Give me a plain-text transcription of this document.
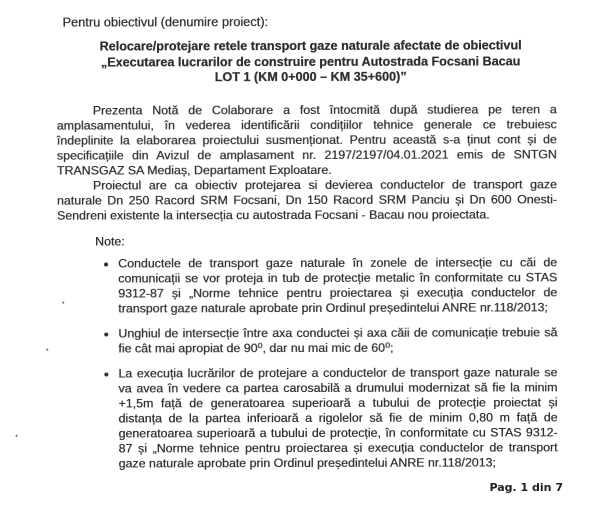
Pentru obiectivul (denumire proiect):

Relocare/protejare retele transport gaze naturale afectate de obiectivul
„Executarea lucrarilor de construire pentru Autostrada Focsani Bacau
LOT 1 (KM 0+000 – KM 35+600)”

Prezenta Notă de Colaborare a fost întocmită după studierea pe teren a amplasamentului, în vederea identificării condițiilor tehnice generale ce trebuiesc îndeplinite la elaborarea proiectului susmenționat. Pentru această s-a ținut cont și de specificațiile din Avizul de amplasament nr. 2197/2197/04.01.2021 emis de SNTGN TRANSGAZ SA Mediaș, Departament Exploatare.

Proiectul are ca obiectiv protejarea si devierea conductelor de transport gaze naturale Dn 250 Racord SRM Focsani, Dn 150 Racord SRM Panciu și Dn 600 Onesti-Sendreni existente la intersecția cu autostrada Focsani - Bacau nou proiectata.

Note:

• Conductele de transport gaze naturale în zonele de intersecție cu căi de comunicații se vor proteja in tub de protecție metalic în conformitate cu STAS 9312-87 și „Norme tehnice pentru proiectarea și execuția conductelor de transport gaze naturale aprobate prin Ordinul președintelui ANRE nr.118/2013;
• Unghiul de intersecție între axa conductei și axa căii de comunicație trebuie să fie cât mai apropiat de 90⁰, dar nu mai mic de 60⁰;
• La execuția lucrărilor de protejare a conductelor de transport gaze naturale se va avea în vedere ca partea carosabilă a drumului modernizat să fie la minim +1,5m față de generatoarea superioară a tubului de protecție proiectat și distanța de la partea inferioară a rigolelor să fie de minim 0,80 m față de generatoarea superioară a tubului de protecție, în conformitate cu STAS 9312-87 și „Norme tehnice pentru proiectarea și execuția conductelor de transport gaze naturale aprobate prin Ordinul președintelui ANRE nr.118/2013;
Pag. 1 din 7
